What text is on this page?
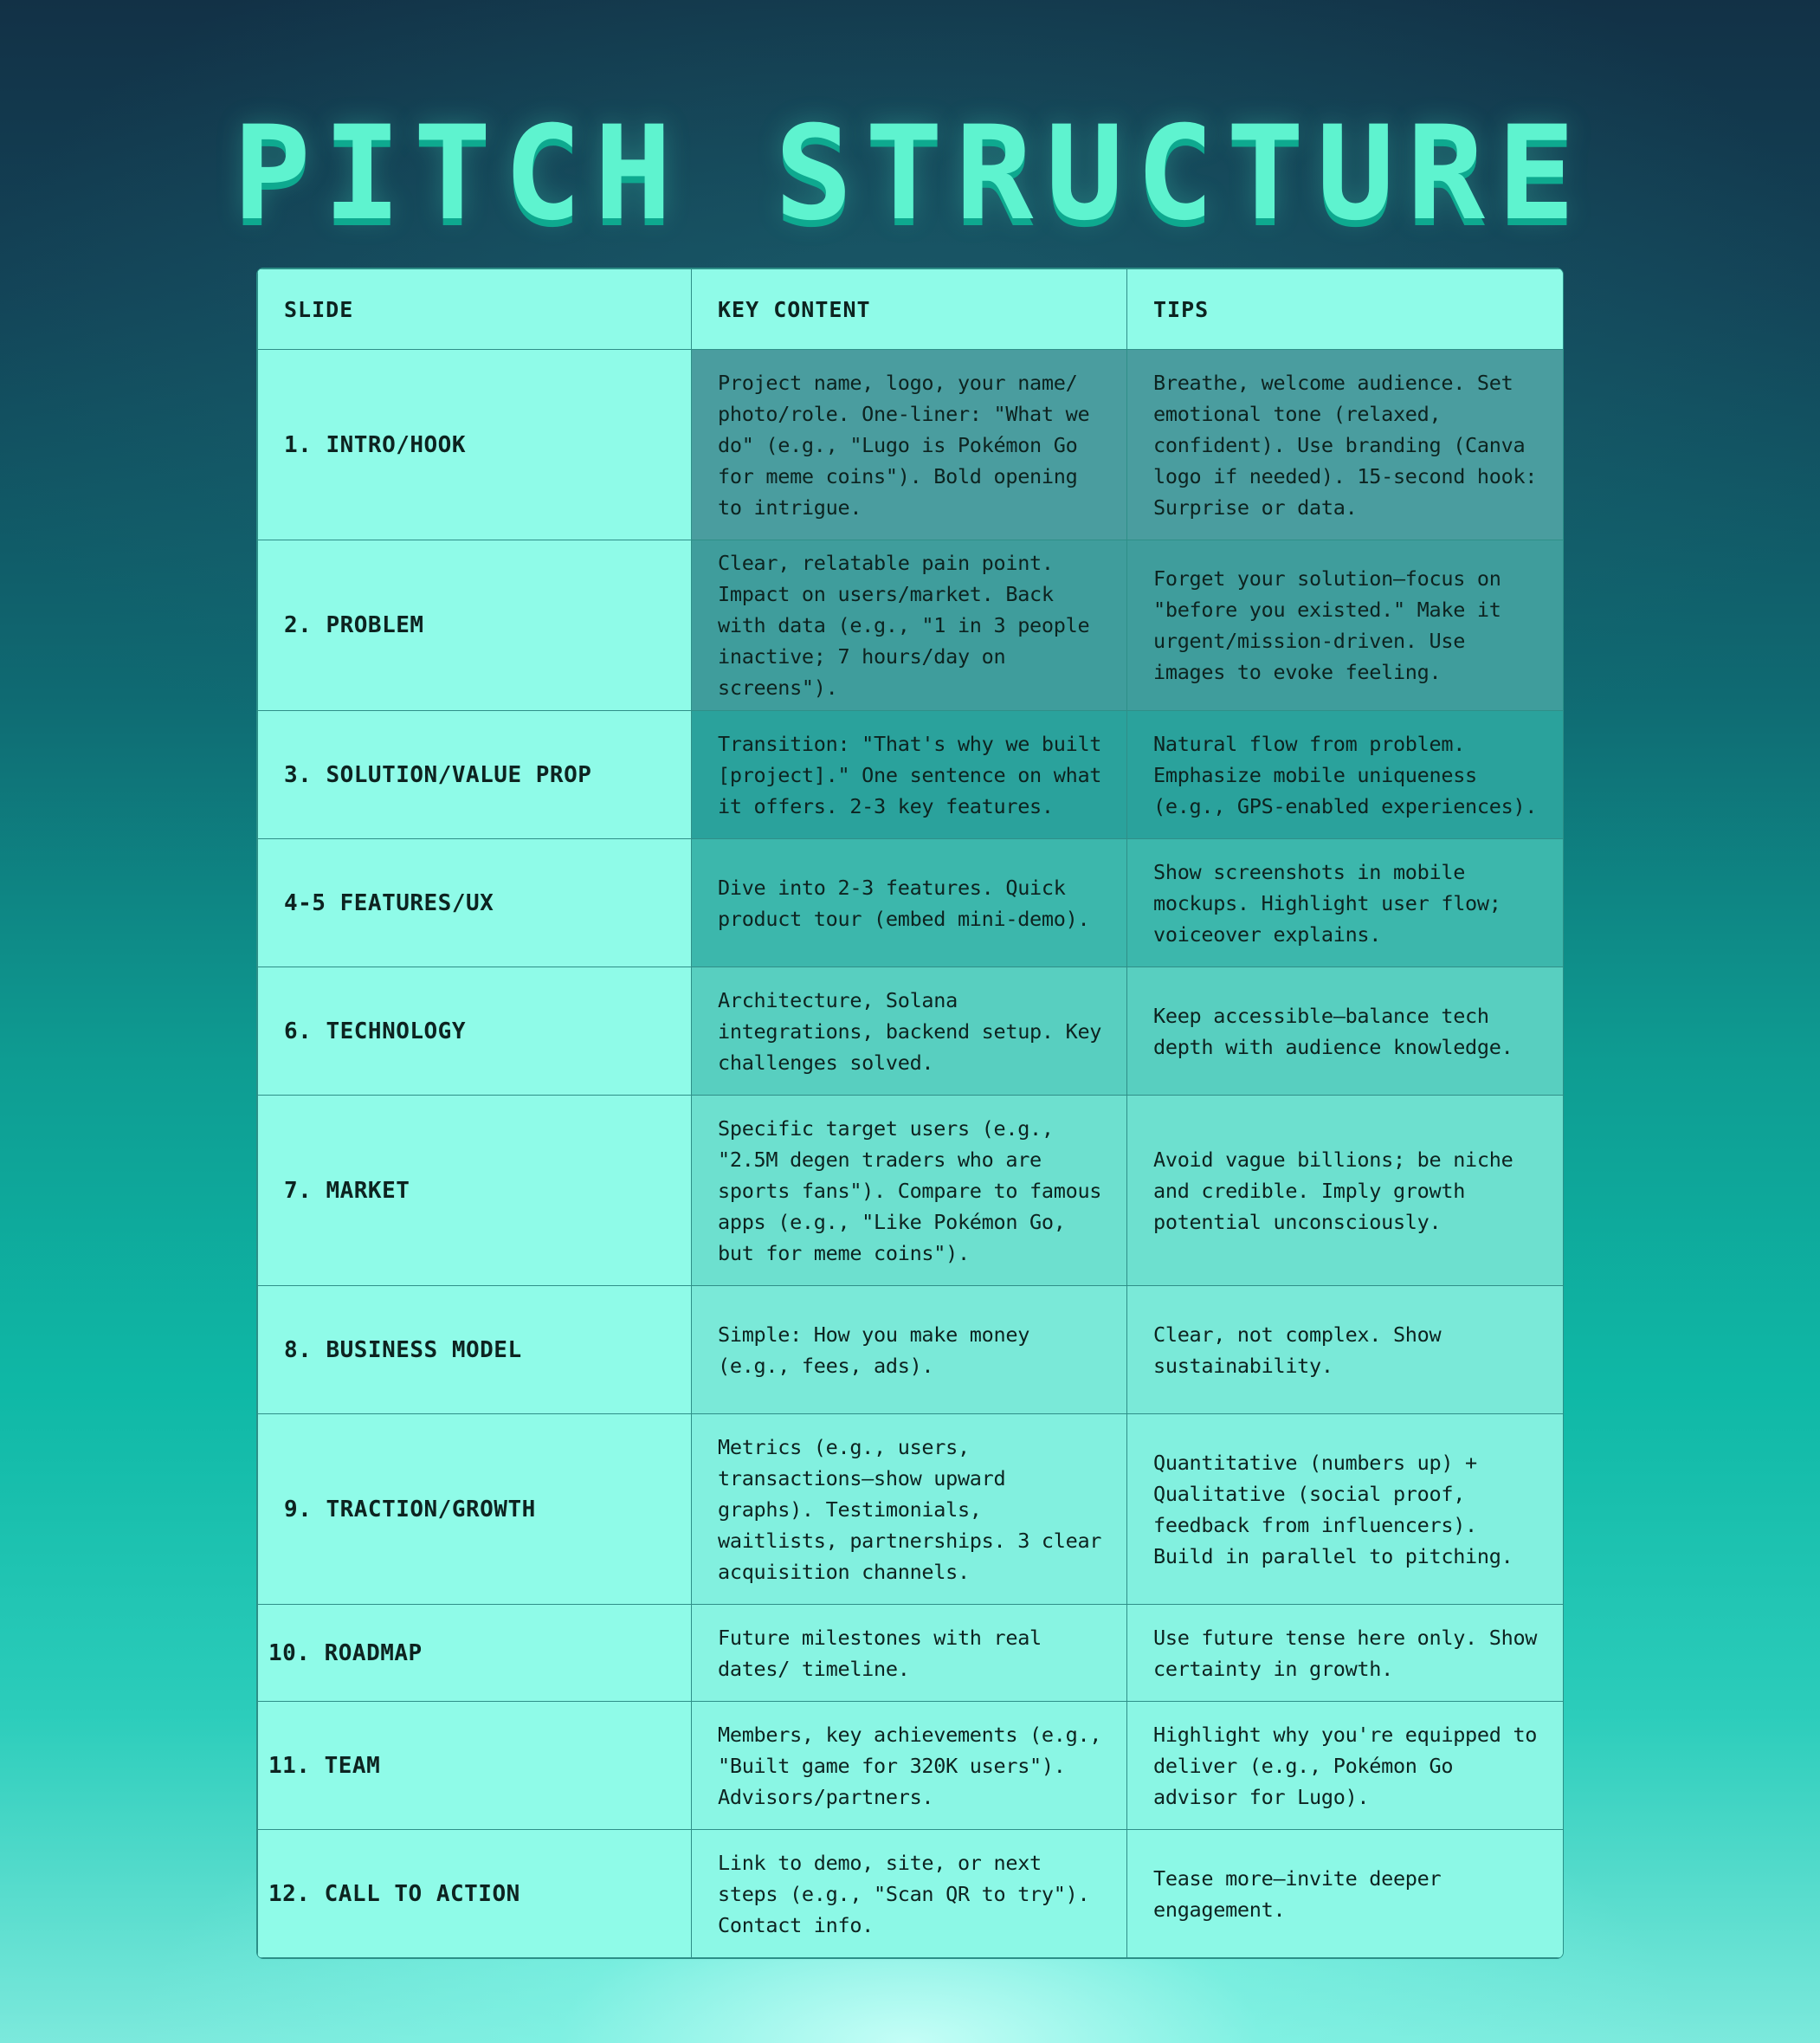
PITCH STRUCTURE
SLIDE	KEY CONTENT	TIPS
1. INTRO/HOOK	Project name, logo, your name/ photo/role. One-liner: "What we do" (e.g., "Lugo is Pokémon Go for meme coins"). Bold opening to intrigue.	Breathe, welcome audience. Set emotional tone (relaxed, confident). Use branding (Canva logo if needed). 15-second hook: Surprise or data.
2. PROBLEM	Clear, relatable pain point. Impact on users/market. Back with data (e.g., "1 in 3 people inactive; 7 hours/day on screens").	Forget your solution—focus on "before you existed." Make it urgent/mission-driven. Use images to evoke feeling.
3. SOLUTION/VALUE PROP	Transition: "That's why we built [project]." One sentence on what it offers. 2-3 key features.	Natural flow from problem. Emphasize mobile uniqueness (e.g., GPS-enabled experiences).
4-5 FEATURES/UX	Dive into 2-3 features. Quick product tour (embed mini-demo).	Show screenshots in mobile mockups. Highlight user flow; voiceover explains.
6. TECHNOLOGY	Architecture, Solana integrations, backend setup. Key challenges solved.	Keep accessible—balance tech depth with audience knowledge.
7. MARKET	Specific target users (e.g., "2.5M degen traders who are sports fans"). Compare to famous apps (e.g., "Like Pokémon Go, but for meme coins").	Avoid vague billions; be niche and credible. Imply growth potential unconsciously.
8. BUSINESS MODEL	Simple: How you make money (e.g., fees, ads).	Clear, not complex. Show sustainability.
9. TRACTION/GROWTH	Metrics (e.g., users, transactions—show upward graphs). Testimonials, waitlists, partnerships. 3 clear acquisition channels.	Quantitative (numbers up) + Qualitative (social proof, feedback from influencers). Build in parallel to pitching.
10. ROADMAP	Future milestones with real dates/ timeline.	Use future tense here only. Show certainty in growth.
11. TEAM	Members, key achievements (e.g., "Built game for 320K users"). Advisors/partners.	Highlight why you're equipped to deliver (e.g., Pokémon Go advisor for Lugo).
12. CALL TO ACTION	Link to demo, site, or next steps (e.g., "Scan QR to try"). Contact info.	Tease more—invite deeper engagement.
